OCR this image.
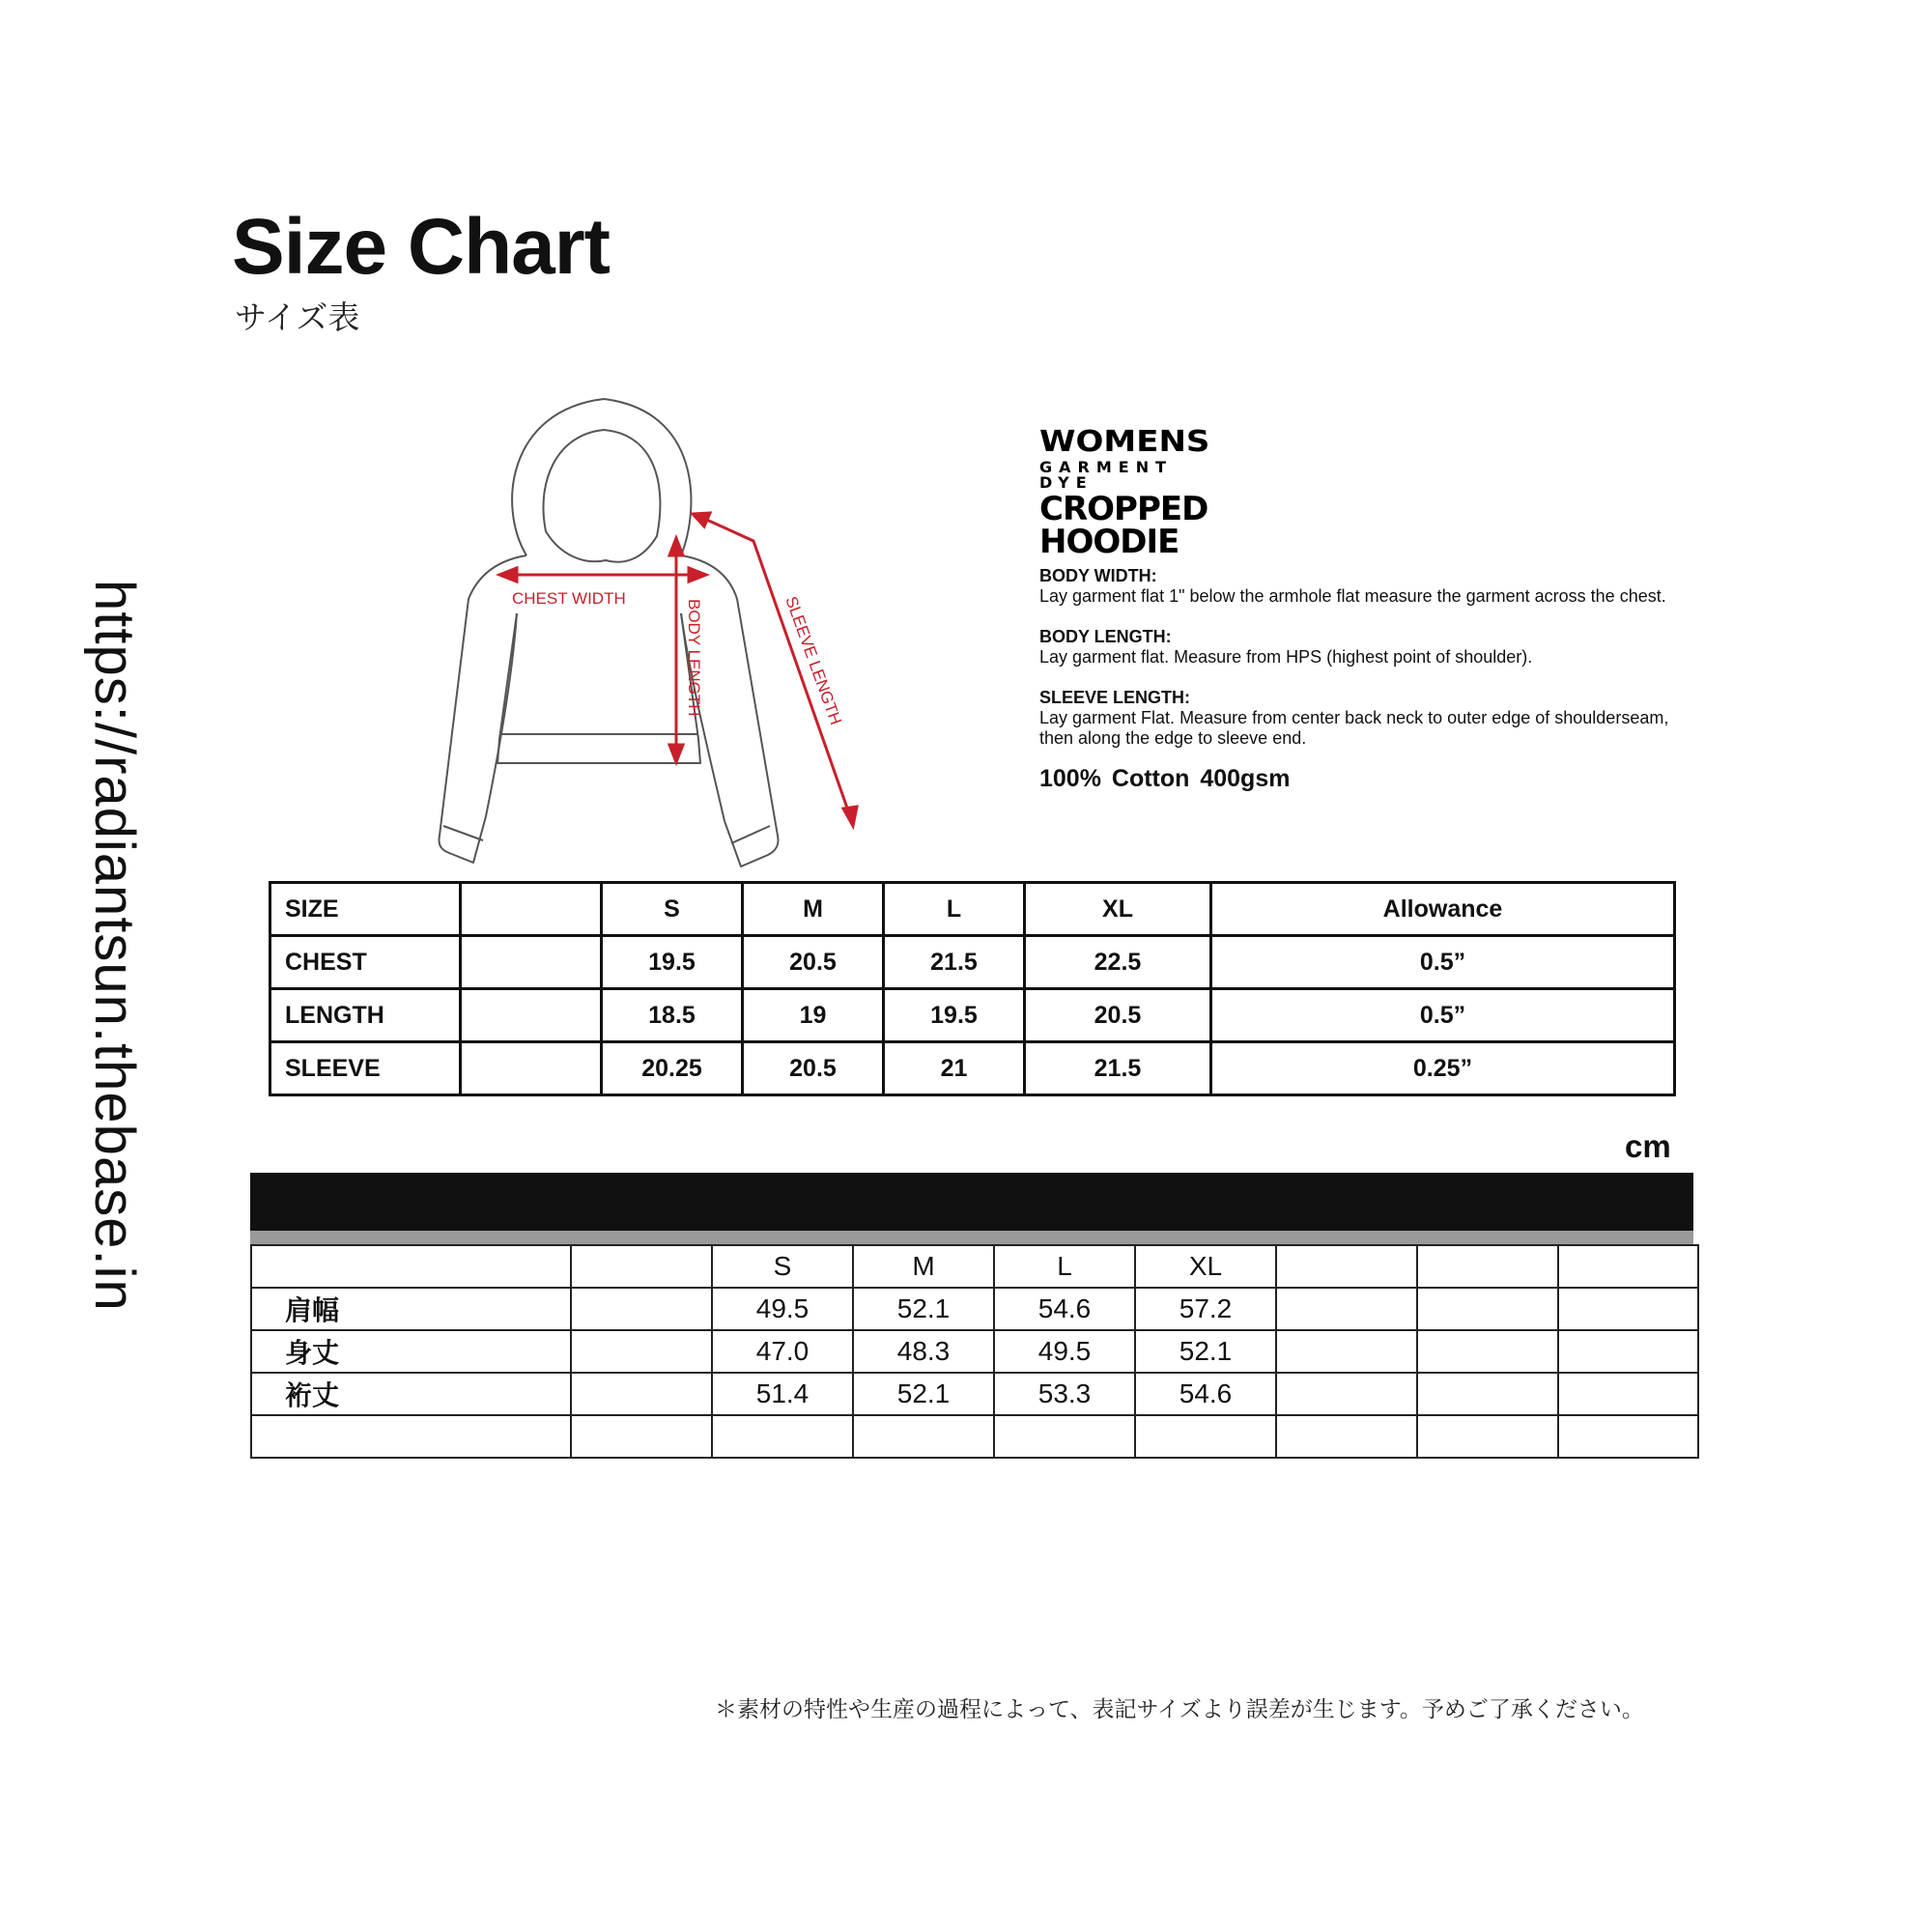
Size Chart
サイズ表
https://radiantsun.thebase.in	CHEST WIDTH
BODY LENGTH	SLEEVE LENGTH
WOMENS
GARMENT DYE
CROPPED
HOODIE
BODY WIDTH:
Lay garment flat 1" below the armhole flat measure the garment across the chest.
BODY LENGTH:
Lay garment flat. Measure from HPS (highest point of shoulder).
SLEEVE LENGTH:
Lay garment Flat. Measure from center back neck to outer edge of shoulderseam, then along the edge to sleeve end.
100% Cotton 400gsm
SIZE		S	M	L	XL	Allowance
CHEST		19.5	20.5	21.5	22.5	0.5”
LENGTH		18.5	19	19.5	20.5	0.5”
SLEEVE		20.25	20.5	21	21.5	0.25”
cm
		S	M	L	XL			
肩幅		49.5	52.1	54.6	57.2			
身丈		47.0	48.3	49.5	52.1			
裄丈		51.4	52.1	53.3	54.6			

＊素材の特性や生産の過程によって、表記サイズより誤差が生じます。予めご了承ください。
